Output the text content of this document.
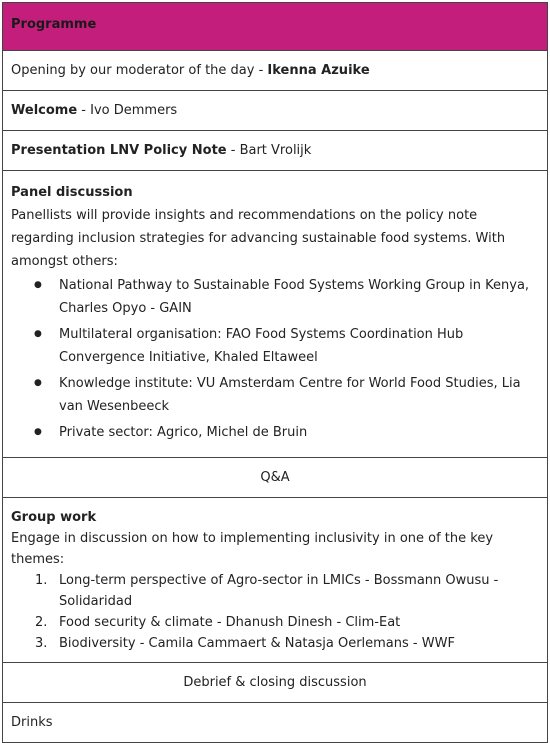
Programme
Opening by our moderator of the day - Ikenna Azuike
Welcome - Ivo Demmers
Presentation LNV Policy Note - Bart Vrolijk

Panel discussion

Panellists will provide insights and recommendations on the policy note regarding inclusion strategies for advancing sustainable food systems. With amongst others:

● National Pathway to Sustainable Food Systems Working Group in Kenya, Charles Opyo - GAIN
● Multilateral organisation: FAO Food Systems Coordination Hub Convergence Initiative, Khaled Eltaweel
● Knowledge institute: VU Amsterdam Centre for World Food Studies, Lia van Wesenbeeck
● Private sector: Agrico, Michel de Bruin
Q&A

Group work

Engage in discussion on how to implementing inclusivity in one of the key themes:

1. Long-term perspective of Agro-sector in LMICs - Bossmann Owusu - Solidaridad
2. Food security & climate - Dhanush Dinesh - Clim-Eat
3. Biodiversity - Camila Cammaert & Natasja Oerlemans - WWF
Debrief & closing discussion
Drinks
